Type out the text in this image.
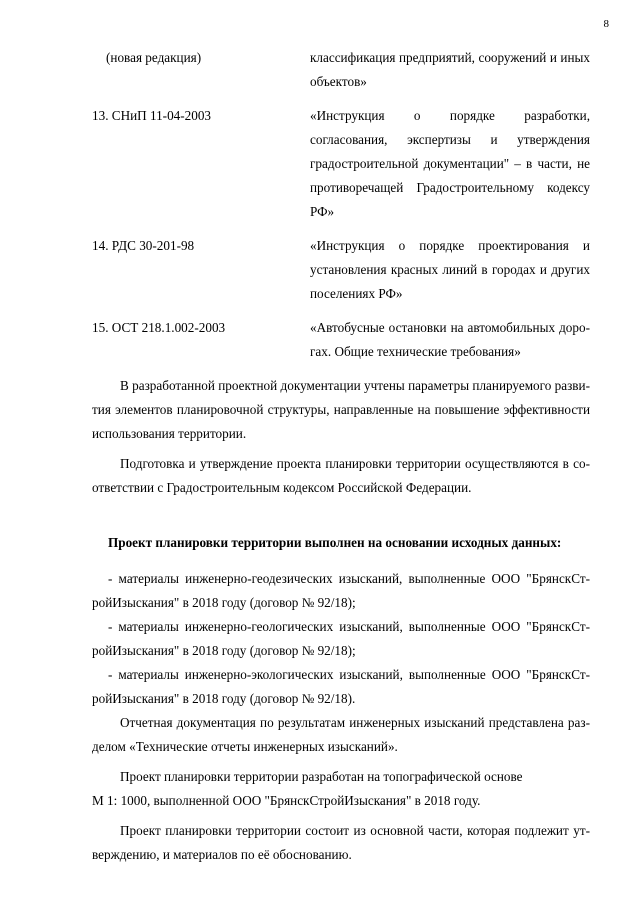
8
(новая редакция)	классификация предприятий, сооружений и иных объектов»
13. СНиП 11-04-2003	«Инструкция о порядке разработки, согласования, экспертизы и утверждения градостроительной документации" – в части, не противоречащей Градостроительному кодексу РФ»
14. РДС 30-201-98	«Инструкция о порядке проектирования и установления красных линий в городах и других поселениях РФ»
15. ОСТ 218.1.002-2003	«Автобусные остановки на автомобильных дорогах. Общие технические требования»

В разработанной проектной документации учтены параметры планируемого развития элементов планировочной структуры, направленные на повышение эффективности использования территории.

Подготовка и утверждение проекта планировки территории осуществляются в соответствии с Градостроительным кодексом Российской Федерации.

Проект планировки территории выполнен на основании исходных данных:

- материалы инженерно-геодезических изысканий, выполненные ООО "БрянскСтройИзыскания" в 2018 году (договор № 92/18);

- материалы инженерно-геологических изысканий, выполненные ООО "БрянскСтройИзыскания" в 2018 году (договор № 92/18);

- материалы инженерно-экологических изысканий, выполненные ООО "БрянскСтройИзыскания" в 2018 году (договор № 92/18).

Отчетная документация по результатам инженерных изысканий представлена разделом «Технические отчеты инженерных изысканий».

Проект планировки территории разработан на топографической основе

М 1: 1000, выполненной ООО "БрянскСтройИзыскания" в 2018 году.

Проект планировки территории состоит из основной части, которая подлежит утверждению, и материалов по её обоснованию.
